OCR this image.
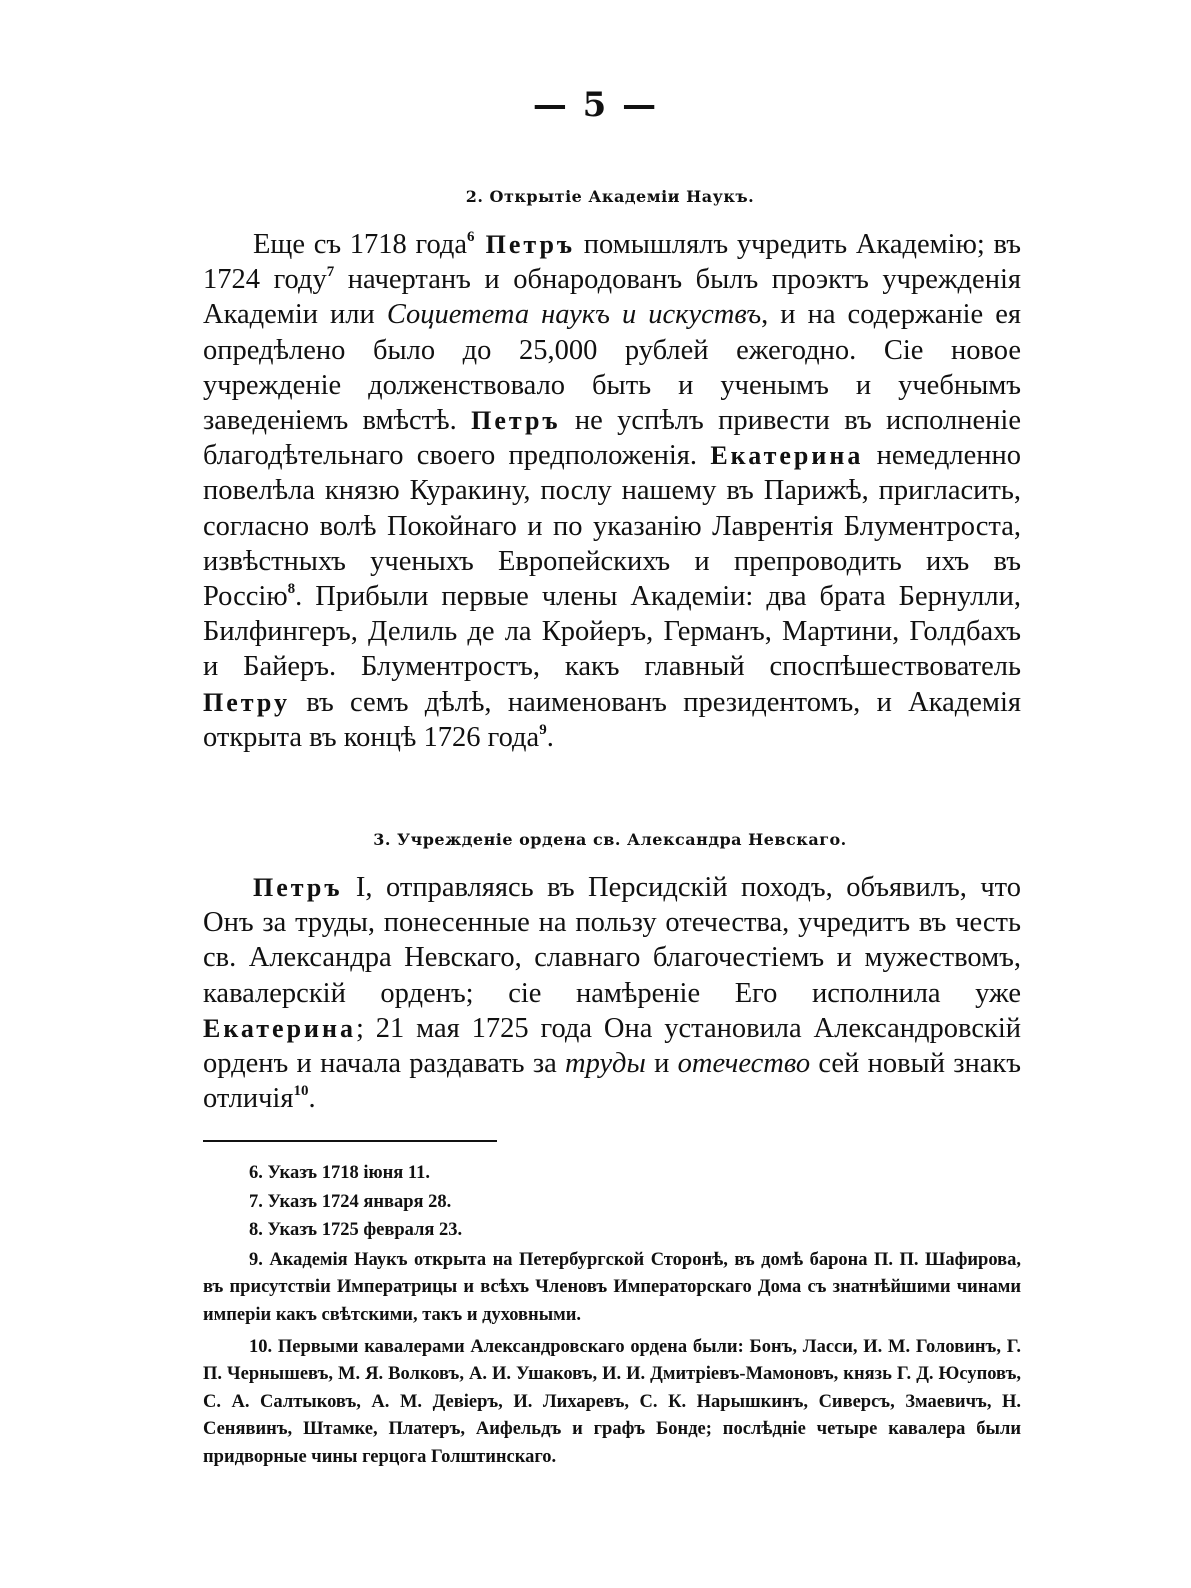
— 5 —
2. Открытіе Академіи Наукъ.
Еще съ 1718 года$^6$ Петръ помышлялъ учредить Академію; въ 1724 году$^7$ начертанъ и обнародованъ былъ проэктъ учрежденія Академіи или Социетета наукъ и искуствъ, и на содержаніе ея опредѣлено было до 25,000 рублей ежегодно. Сіе новое учрежденіе долженствовало быть и ученымъ и учебнымъ заведеніемъ вмѣстѣ. Петръ не успѣлъ привести въ исполненіе благодѣтельнаго своего предположенія. Екатерина немедленно повелѣла князю Куракину, послу нашему въ Парижѣ, пригласить, согласно волѣ Покойнаго и по указанію Лаврентія Блументроста, извѣстныхъ ученыхъ Европейскихъ и препроводить ихъ въ Россію$^8$. Прибыли первые члены Академіи: два брата Бернулли, Билфингеръ, Делиль де ла Кройеръ, Германъ, Мартини, Голдбахъ и Байеръ. Блументростъ, какъ главный споспѣшествователь Петру въ семъ дѣлѣ, наименованъ президентомъ, и Академія открыта въ концѣ 1726 года$^9$.
3. Учрежденіе ордена св. Александра Невскаго.
Петръ I, отправляясь въ Персидскій походъ, объявилъ, что Онъ за труды, понесенные на пользу отечества, учредитъ въ честь св. Александра Невскаго, славнаго благочестіемъ и мужествомъ, кавалерскій орденъ; сіе намѣреніе Его исполнила уже Екатерина; 21 мая 1725 года Она установила Александровскій орденъ и начала раздавать за труды и отечество сей новый знакъ отличія$^{10}$.
6. Указъ 1718 іюня 11.
7. Указъ 1724 января 28.
8. Указъ 1725 февраля 23.
9. Академія Наукъ открыта на Петербургской Сторонѣ, въ домѣ барона П. П. Шафирова, въ присутствіи Императрицы и всѣхъ Членовъ Императорскаго Дома съ знатнѣйшими чинами имперіи какъ свѣтскими, такъ и духовными.
10. Первыми кавалерами Александровскаго ордена были: Бонъ, Ласси, И. М. Головинъ, Г. П. Чернышевъ, М. Я. Волковъ, А. И. Ушаковъ, И. И. Дмитріевъ-Мамоновъ, князь Г. Д. Юсуповъ, С. А. Салтыковъ, А. М. Девіеръ, И. Лихаревъ, С. К. Нарышкинъ, Сиверсъ, Змаевичъ, Н. Сенявинъ, Штамке, Платеръ, Аифельдъ и графъ Бонде; послѣдніе четыре кавалера были придворные чины герцога Голштинскаго.
